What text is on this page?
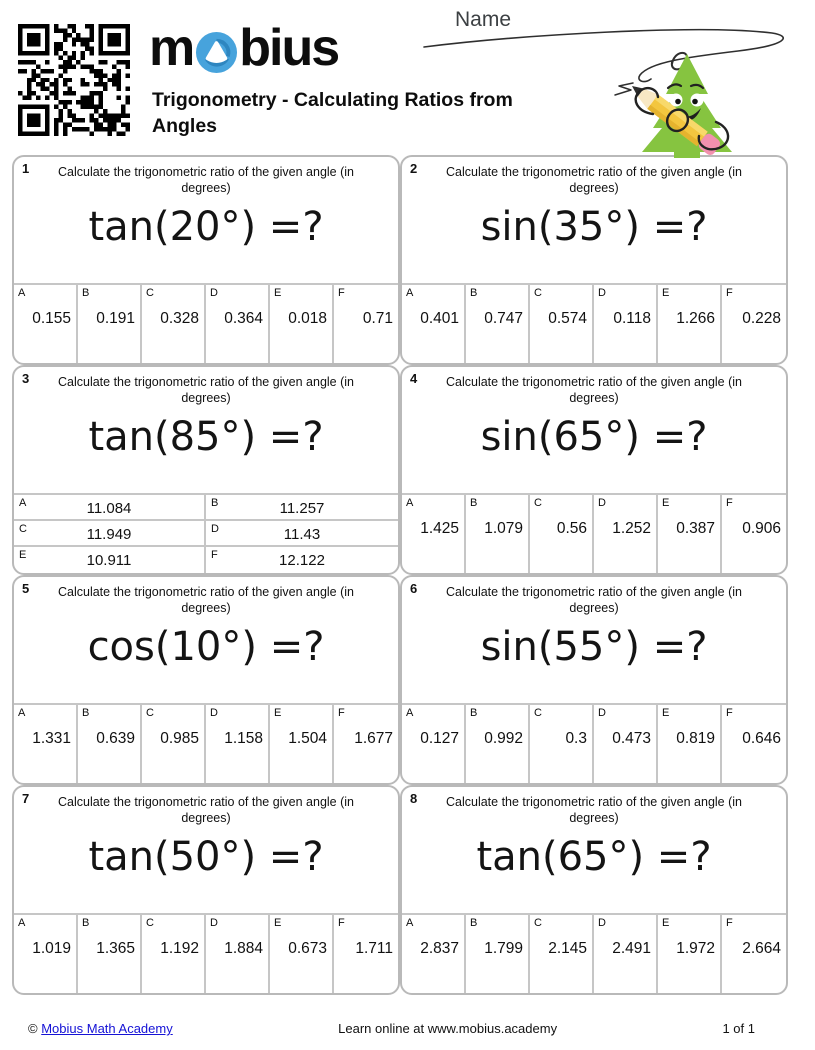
m bius
Trigonometry - Calculating Ratios from Angles
Name
1	Calculate the trigonometric ratio of the given angle (in degrees)
tan(20°) =?
A
0.155
B
0.191
C
0.328
D
0.364
E
0.018
F
0.71
2	Calculate the trigonometric ratio of the given angle (in degrees)
sin(35°) =?
A
0.401
B
0.747
C
0.574
D
0.118
E
1.266
F
0.228
3	Calculate the trigonometric ratio of the given angle (in degrees)
tan(85°) =?
A	11.084	B	11.257
C	11.949	D	11.43
E	10.911	F	12.122
4	Calculate the trigonometric ratio of the given angle (in degrees)
sin(65°) =?
A
1.425
B
1.079
C
0.56
D
1.252
E
0.387
F
0.906
5	Calculate the trigonometric ratio of the given angle (in degrees)
cos(10°) =?
A
1.331
B
0.639
C
0.985
D
1.158
E
1.504
F
1.677
6	Calculate the trigonometric ratio of the given angle (in degrees)
sin(55°) =?
A
0.127
B
0.992
C
0.3
D
0.473
E
0.819
F
0.646
7	Calculate the trigonometric ratio of the given angle (in degrees)
tan(50°) =?
A
1.019
B
1.365
C
1.192
D
1.884
E
0.673
F
1.711
8	Calculate the trigonometric ratio of the given angle (in degrees)
tan(65°) =?
A
2.837
B
1.799
C
2.145
D
2.491
E
1.972
F
2.664
© Mobius Math Academy	Learn online at www.mobius.academy	1 of 1
